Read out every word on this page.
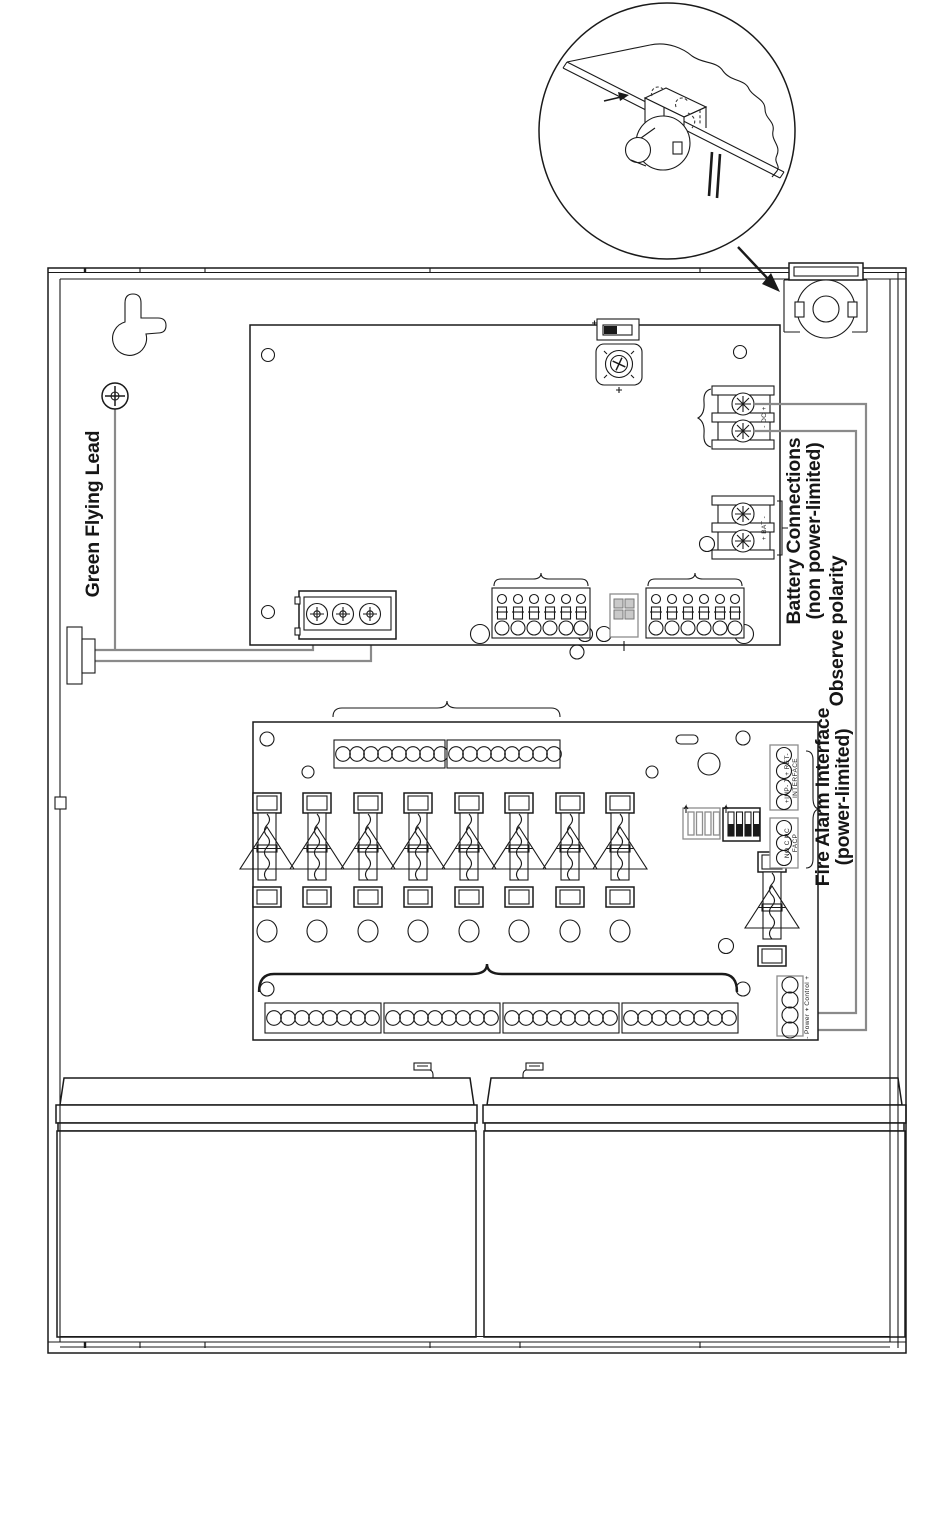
Green Flying Lead	Battery Connections
(non power-limited)
Observe polarity
Fire Alarm Interface
(power-limited)
- DC +
+ BAT -
+INP- T + RET- INTERFACE
NO C NC FACP
- Control +
- Power +
